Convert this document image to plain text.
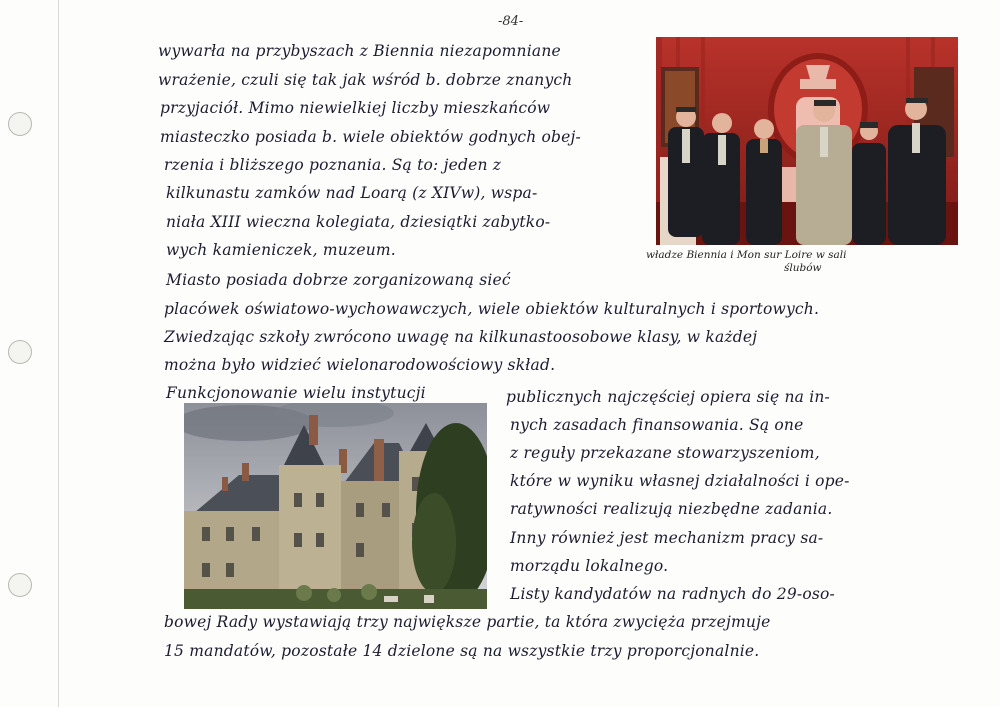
-84-
wywarła na przybyszach z Biennia niezapomniane
wrażenie, czuli się tak jak wśród b. dobrze znanych
przyjaciół. Mimo niewielkiej liczby mieszkańców
miasteczko posiada b. wiele obiektów godnych obej-
rzenia i bliższego poznania. Są to: jeden z
kilkunastu zamków nad Loarą (z XIVw), wspa-
niała XIII wieczna kolegiata, dziesiątki zabytko-
wych kamieniczek, muzeum.	władze Biennia i Mon sur Loire w sali
ślubów
Miasto posiada dobrze zorganizowaną sieć
placówek oświatowo-wychowawczych, wiele obiektów kulturalnych i sportowych.
Zwiedzając szkoły zwrócono uwagę na kilkunastoosobowe klasy, w każdej
można było widzieć wielonarodowościowy skład.
Funkcjonowanie wielu instytucji	publicznych najczęściej opiera się na in-
nych zasadach finansowania. Są one
z reguły przekazane stowarzyszeniom,
które w wyniku własnej działalności i ope-
ratywności realizują niezbędne zadania.
Inny również jest mechanizm pracy sa-
morządu lokalnego.
Listy kandydatów na radnych do 29-oso-
bowej Rady wystawiają trzy największe partie, ta która zwycięża przejmuje
15 mandatów, pozostałe 14 dzielone są na wszystkie trzy proporcjonalnie.
